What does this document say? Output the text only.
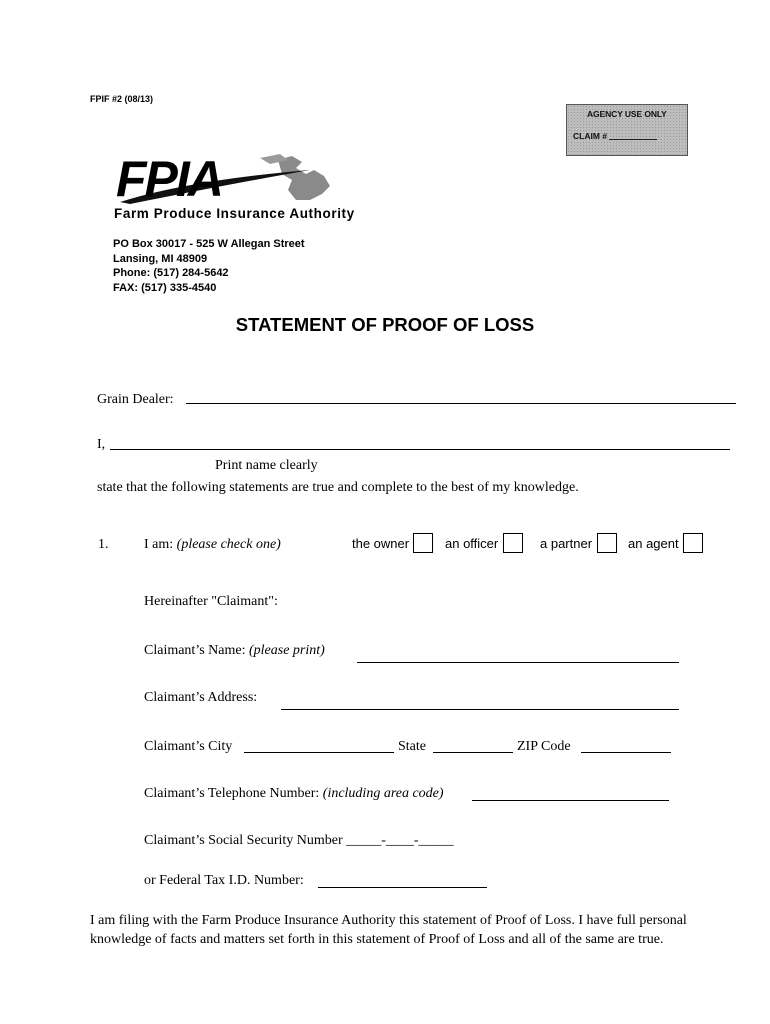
FPIF #2 (08/13)
AGENCY USE ONLY
CLAIM #
FPIA
Farm Produce Insurance Authority
PO Box 30017 - 525 W Allegan Street
Lansing, MI 48909
Phone: (517) 284-5642
FAX: (517) 335-4540
STATEMENT OF PROOF OF LOSS
Grain Dealer:
I,
Print name clearly
state that the following statements are true and complete to the best of my knowledge.
1.	I am: (please check one)	the owner	an officer	a partner	an agent
Hereinafter "Claimant":
Claimant’s Name: (please print)
Claimant’s Address:
Claimant’s City	State	ZIP Code
Claimant’s Telephone Number: (including area code)
Claimant’s Social Security Number _____-____-_____
or Federal Tax I.D. Number:
I am filing with the Farm Produce Insurance Authority this statement of Proof of Loss. I have full personal knowledge of facts and matters set forth in this statement of Proof of Loss and all of the same are true.
